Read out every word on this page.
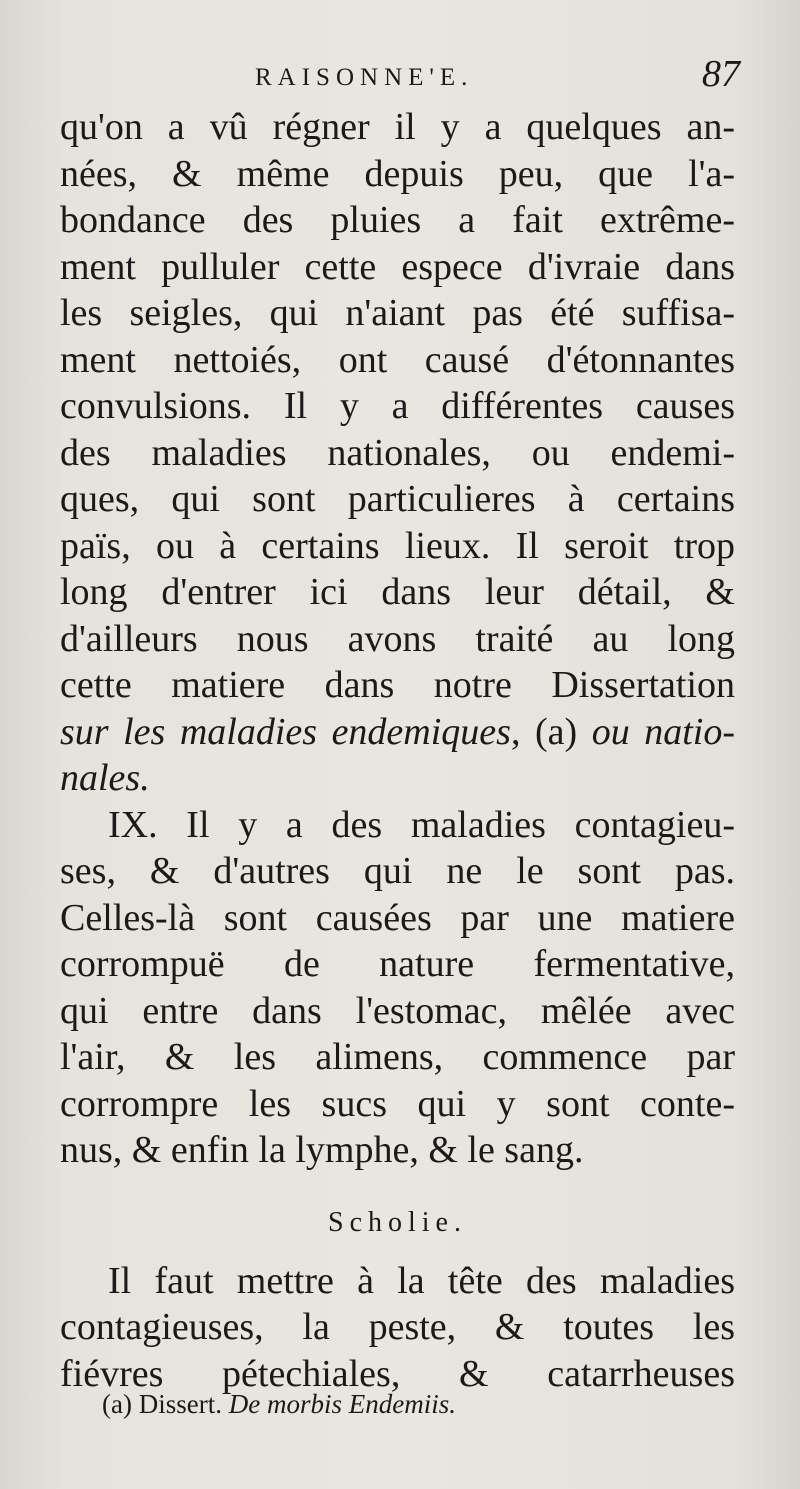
RAISONNE'E.	87
qu'on a vû régner il y a quelques an-
nées, & même depuis peu, que l'a-
bondance des pluies a fait extrême-
ment pulluler cette espece d'ivraie dans
les seigles, qui n'aiant pas été suffisa-
ment nettoiés, ont causé d'étonnantes
convulsions. Il y a différentes causes
des maladies nationales, ou endemi-
ques, qui sont particulieres à certains
païs, ou à certains lieux. Il seroit trop
long d'entrer ici dans leur détail, &
d'ailleurs nous avons traité au long
cette matiere dans notre Dissertation
sur les maladies endemiques, (a) ou natio-
nales.
IX. Il y a des maladies contagieu-
ses, & d'autres qui ne le sont pas.
Celles-là sont causées par une matiere
corrompuë de nature fermentative,
qui entre dans l'estomac, mêlée avec
l'air, & les alimens, commence par
corrompre les sucs qui y sont conte-
nus, & enfin la lymphe, & le sang.
Scholie.
Il faut mettre à la tête des maladies
contagieuses, la peste, & toutes les
fiévres pétechiales, & catarrheuses
(a) Dissert. De morbis Endemiis.
